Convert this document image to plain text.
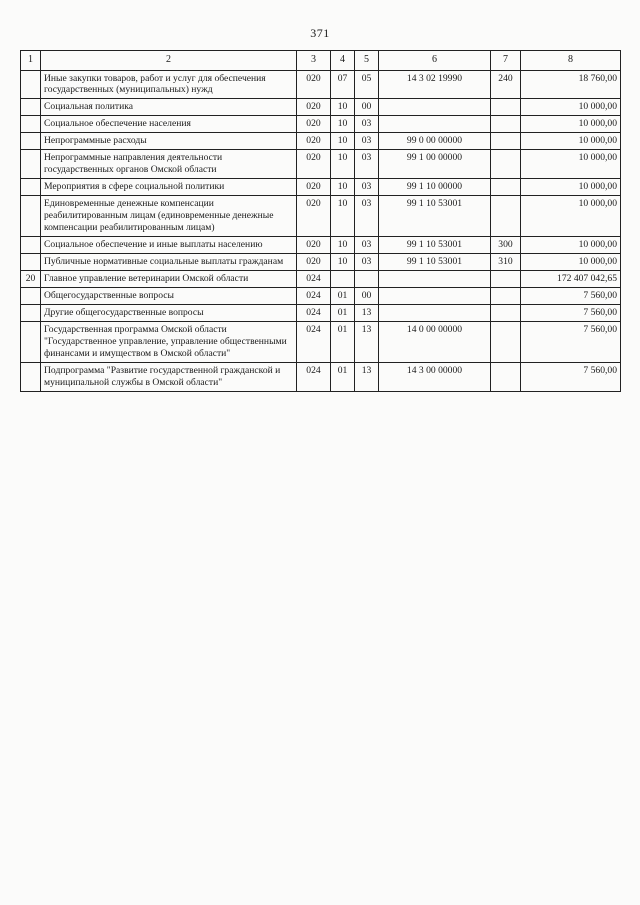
371
1	2	3	4	5	6	7	8
	Иные закупки товаров, работ и услуг для обеспечения государственных (муниципальных) нужд	020	07	05	14 3 02 19990	240	18 760,00
	Социальная политика	020	10	00			10 000,00
	Социальное обеспечение населения	020	10	03			10 000,00
	Непрограммные расходы	020	10	03	99 0 00 00000		10 000,00
	Непрограммные направления деятельности государственных органов Омской области	020	10	03	99 1 00 00000		10 000,00
	Мероприятия в сфере социальной политики	020	10	03	99 1 10 00000		10 000,00
	Единовременные денежные компенсации реабилитированным лицам (единовременные денежные компенсации реабилитированным лицам)	020	10	03	99 1 10 53001		10 000,00
	Социальное обеспечение и иные выплаты населению	020	10	03	99 1 10 53001	300	10 000,00
	Публичные нормативные социальные выплаты гражданам	020	10	03	99 1 10 53001	310	10 000,00
20	Главное управление ветеринарии Омской области	024					172 407 042,65
	Общегосударственные вопросы	024	01	00			7 560,00
	Другие общегосударственные вопросы	024	01	13			7 560,00
	Государственная программа Омской области "Государственное управление, управление общественными финансами и имуществом в Омской области"	024	01	13	14 0 00 00000		7 560,00
	Подпрограмма "Развитие государственной гражданской и муниципальной службы в Омской области"	024	01	13	14 3 00 00000		7 560,00
